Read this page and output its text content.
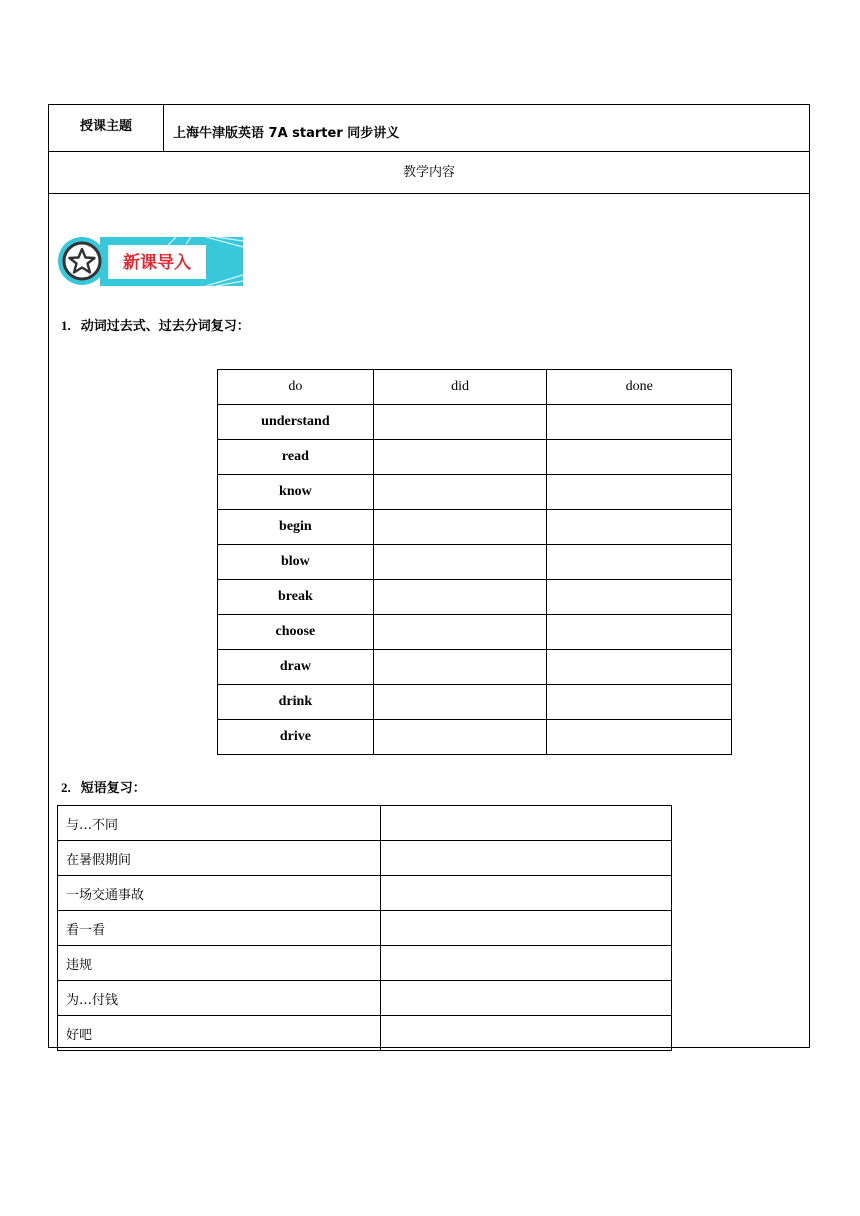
授课主题	上海牛津版英语 7A starter 同步讲义
教学内容
新课导入
1. 动词过去式、过去分词复习：
do	did	done
understand		
read		
know		
begin		
blow		
break		
choose		
draw		
drink		
drive		
2. 短语复习：
与…不同	
在暑假期间	
一场交通事故	
看一看	
违规	
为…付钱	
好吧	
